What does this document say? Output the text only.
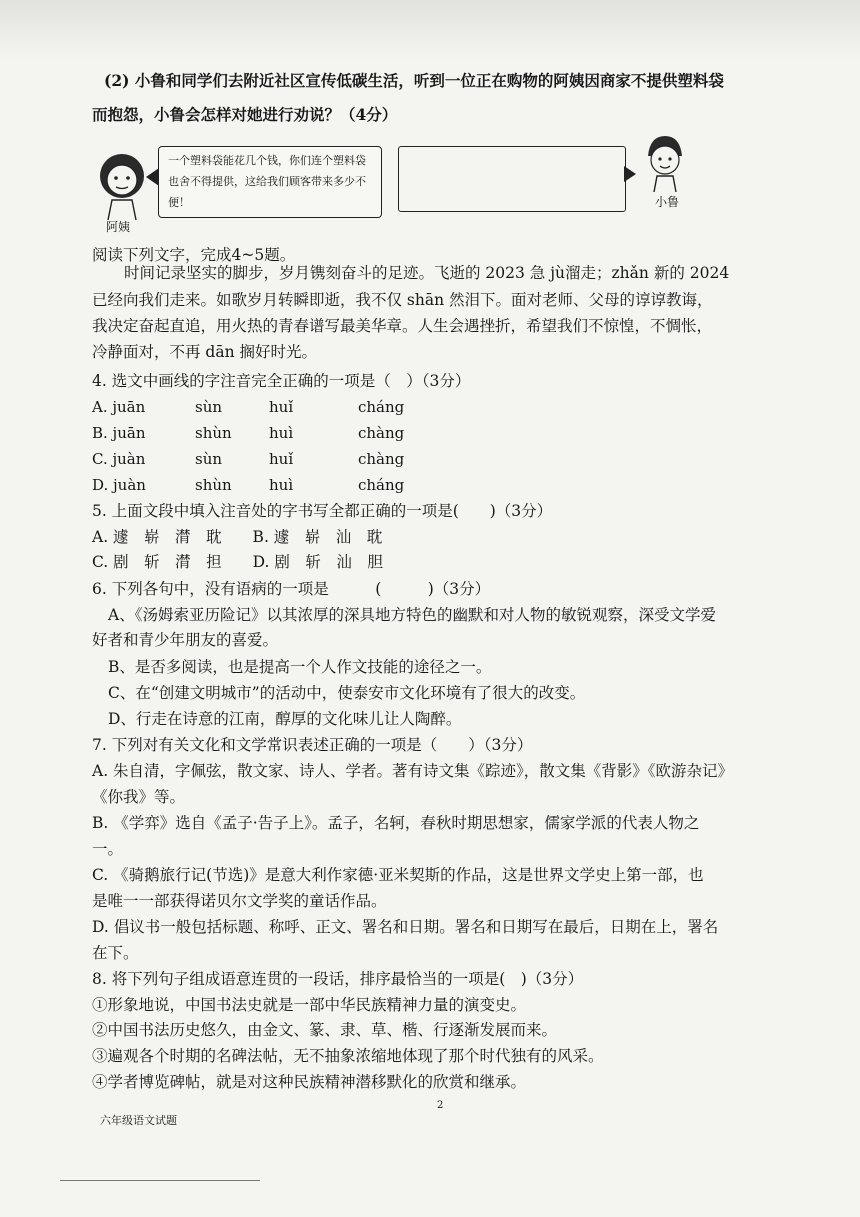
(2) 小鲁和同学们去附近社区宣传低碳生活，听到一位正在购物的阿姨因商家不提供塑料袋
而抱怨，小鲁会怎样对她进行劝说？（4分）
阿姨
一个塑料袋能花几个钱，你们连个塑料袋也舍不得提供，这给我们顾客带来多少不便！	小鲁
阅读下列文字，完成4~5题。
时间记录坚实的脚步，岁月镌刻奋斗的足迹。飞逝的 2023 急 jù溜走；zhǎn 新的 2024
已经向我们走来。如歌岁月转瞬即逝，我不仅 shān 然泪下。面对老师、父母的谆谆教诲，
我决定奋起直追，用火热的青春谱写最美华章。人生会遇挫折，希望我们不惊惶，不惆怅，
冷静面对，不再 dān 搁好时光。
4. 选文中画线的字注音完全正确的一项是（　）（3分）
A. juān	sùn	huǐ	cháng
B. juān	shùn huì	chàng
C. juàn	sùn	huǐ	chàng
D. juàn	shùn huì	cháng
5. 上面文段中填入注音处的字书写全都正确的一项是(　　)（3分）
A. 遽　崭　潸　耽　　B. 遽　崭　汕　耽
C. 剧　斩　潸　担　　D. 剧　斩　汕　胆
6. 下列各句中，没有语病的一项是　　　(　　　)（3分）
A、《汤姆索亚历险记》以其浓厚的深具地方特色的幽默和对人物的敏锐观察，深受文学爱
好者和青少年朋友的喜爱。
B、是否多阅读，也是提高一个人作文技能的途径之一。
C、在“创建文明城市”的活动中，使泰安市文化环境有了很大的改变。
D、行走在诗意的江南，醇厚的文化味儿让人陶醉。
7. 下列对有关文化和文学常识表述正确的一项是（　　）（3分）
A. 朱自清，字佩弦，散文家、诗人、学者。著有诗文集《踪迹》，散文集《背影》《欧游杂记》
《你我》等。
B. 《学弈》选自《孟子·告子上》。孟子，名轲，春秋时期思想家，儒家学派的代表人物之
一。
C. 《骑鹅旅行记(节选)》是意大利作家德·亚米契斯的作品，这是世界文学史上第一部，也
是唯一一部获得诺贝尔文学奖的童话作品。
D. 倡议书一般包括标题、称呼、正文、署名和日期。署名和日期写在最后，日期在上，署名
在下。
8. 将下列句子组成语意连贯的一段话，排序最恰当的一项是(　)（3分）
①形象地说，中国书法史就是一部中华民族精神力量的演变史。
②中国书法历史悠久，由金文、篆、隶、草、楷、行逐渐发展而来。
③遍观各个时期的名碑法帖，无不抽象浓缩地体现了那个时代独有的风采。
④学者博览碑帖，就是对这种民族精神潜移默化的欣赏和继承。
2
六年级语文试题
